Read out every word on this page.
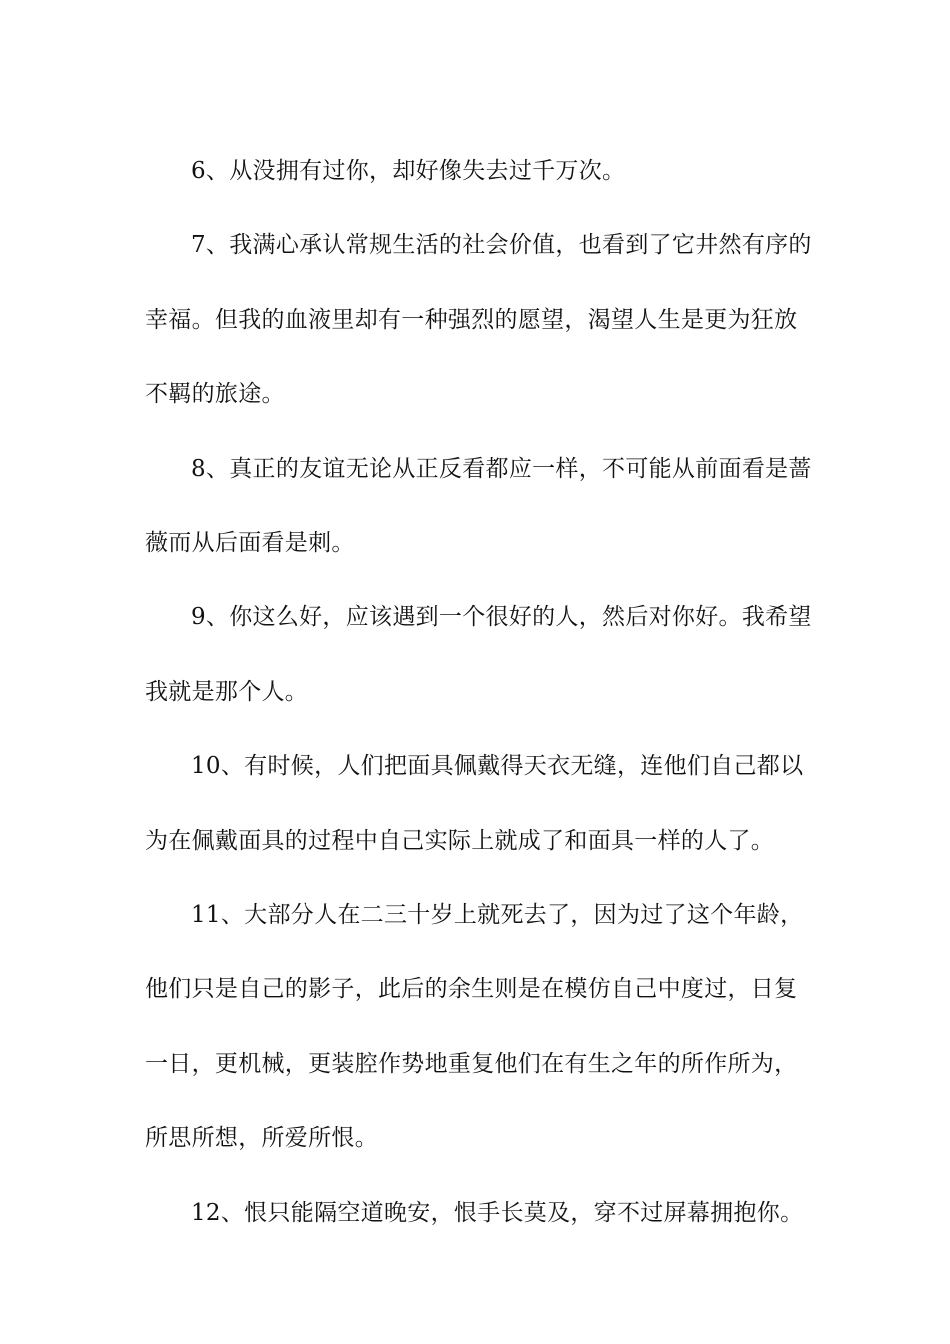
6、从没拥有过你，却好像失去过千万次。

7、我满心承认常规生活的社会价值，也看到了它井然有序的幸福。但我的血液里却有一种强烈的愿望，渴望人生是更为狂放不羁的旅途。

8、真正的友谊无论从正反看都应一样，不可能从前面看是蔷薇而从后面看是刺。

9、你这么好，应该遇到一个很好的人，然后对你好。我希望我就是那个人。

10、有时候，人们把面具佩戴得天衣无缝，连他们自己都以为在佩戴面具的过程中自己实际上就成了和面具一样的人了。

11、大部分人在二三十岁上就死去了，因为过了这个年龄，他们只是自己的影子，此后的余生则是在模仿自己中度过，日复一日，更机械，更装腔作势地重复他们在有生之年的所作所为，所思所想，所爱所恨。

12、恨只能隔空道晚安，恨手长莫及，穿不过屏幕拥抱你。
